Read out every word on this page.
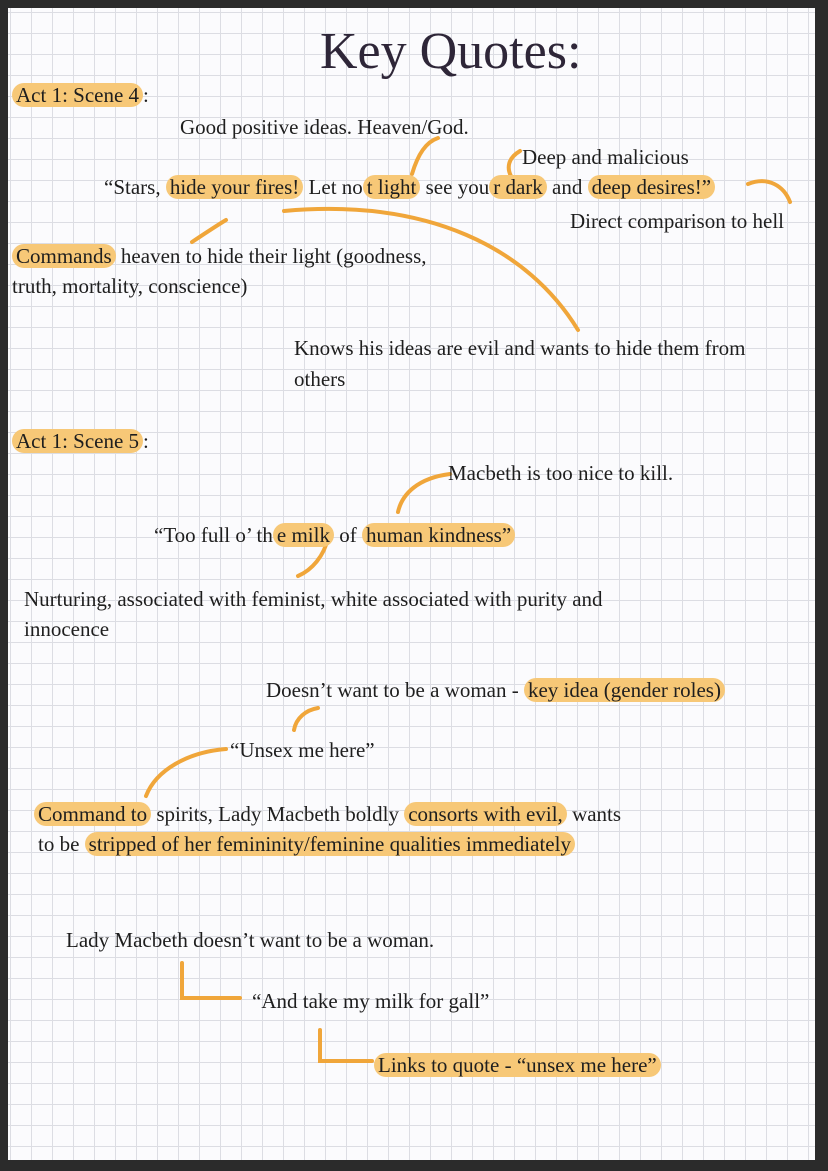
Key Quotes:
Act 1: Scene 4 :
Good positive ideas. Heaven/God.
Deep and malicious
“Stars, hide your fires! Let no t light see you r dark and deep desires!”
Direct comparison to hell
Commands heaven to hide their light (goodness,
truth, mortality, conscience)
Knows his ideas are evil and wants to hide them from
others
Act 1: Scene 5 :
Macbeth is too nice to kill.
“Too full o’ th e milk of human kindness”
Nurturing, associated with feminist, white associated with purity and
innocence
Doesn’t want to be a woman - key idea (gender roles)
“Unsex me here”
Command to spirits, Lady Macbeth boldly consorts with evil, wants
to be stripped of her femininity/feminine qualities immediately
Lady Macbeth doesn’t want to be a woman.
“And take my milk for gall”
Links to quote - “unsex me here”
